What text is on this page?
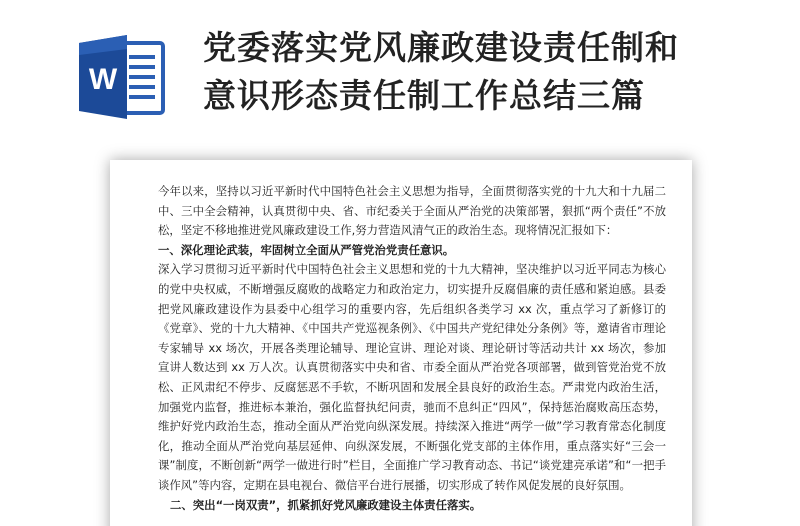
W
党委落实党风廉政建设责任制和
意识形态责任制工作总结三篇

今年以来，坚持以习近平新时代中国特色社会主义思想为指导，全面贯彻落实党的十九大和十九届二中、三中全会精神，认真贯彻中央、省、市纪委关于全面从严治党的决策部署，狠抓“两个责任”不放松，坚定不移地推进党风廉政建设工作,努力营造风清气正的政治生态。现将情况汇报如下：

一、深化理论武装，牢固树立全面从严管党治党责任意识。

深入学习贯彻习近平新时代中国特色社会主义思想和党的十九大精神，坚决维护以习近平同志为核心的党中央权威，不断增强反腐败的战略定力和政治定力，切实提升反腐倡廉的责任感和紧迫感。县委把党风廉政建设作为县委中心组学习的重要内容，先后组织各类学习 xx 次，重点学习了新修订的《党章》、党的十九大精神、《中国共产党巡视条例》、《中国共产党纪律处分条例》等，邀请省市理论专家辅导 xx 场次，开展各类理论辅导、理论宣讲、理论对谈、理论研讨等活动共计 xx 场次，参加宣讲人数达到 xx 万人次。认真贯彻落实中央和省、市委全面从严治党各项部署，做到管党治党不放松、正风肃纪不停步、反腐惩恶不手软，不断巩固和发展全县良好的政治生态。严肃党内政治生活，加强党内监督，推进标本兼治，强化监督执纪问责，驰而不息纠正“四风”，保持惩治腐败高压态势，维护好党内政治生态，推动全面从严治党向纵深发展。持续深入推进“两学一做”学习教育常态化制度化，推动全面从严治党向基层延伸、向纵深发展，不断强化党支部的主体作用，重点落实好“三会一课”制度，不断创新“两学一做进行时”栏目，全面推广学习教育动态、书记“谈党建亮承诺”和“一把手谈作风”等内容，定期在县电视台、微信平台进行展播，切实形成了转作风促发展的良好氛围。

二、突出“一岗双责”，抓紧抓好党风廉政建设主体责任落实。
